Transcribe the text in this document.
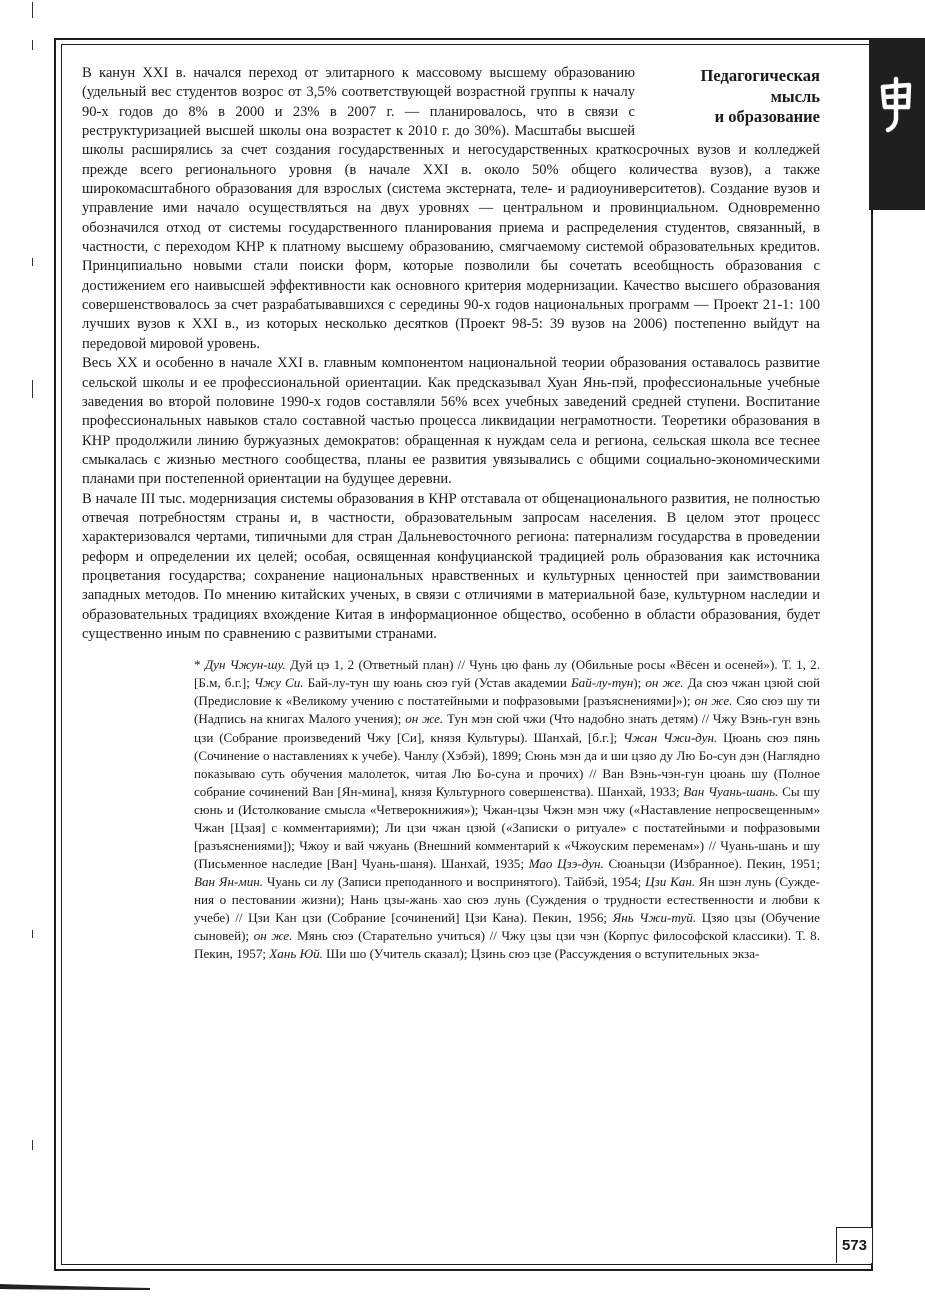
Педагогическая
мысль
и образование

В канун XXI в. начался переход от элитарного к массовому высшему образованию (удельный вес студентов возрос от 3,5% соответствующей возрастной группы к началу 90-х годов до 8% в 2000 и 23% в 2007 г. — планировалось, что в связи с реструктуризацией высшей школы она возрастет к 2010 г. до 30%). Масштабы высшей школы расширялись за счет создания государственных и негосударственных краткосрочных вузов и колледжей прежде всего регионального уровня (в начале XXI в. около 50% общего количества вузов), а также широкомасштабного образования для взрослых (система экстерната, теле- и радиоуниверситетов). Создание вузов и управление ими начало осуществляться на двух уровнях — центральном и провинциальном. Одновременно обозначился отход от системы государственного планирования приема и распределения студентов, связанный, в частности, с переходом КНР к платному высшему образованию, смягчаемому системой образовательных кредитов. Принципиально новыми стали поиски форм, которые позволили бы сочетать всеобщность образования с достижением его наивысшей эффективности как основного критерия модернизации. Качество высшего образования совершенствовалось за счет разрабатывавшихся с середины 90-х годов национальных программ — Проект 21-1: 100 лучших вузов к XXI в., из которых несколько десятков (Проект 98-5: 39 вузов на 2006) постепенно выйдут на передовой мировой уровень.

Весь XX и особенно в начале XXI в. главным компонентом национальной теории образования оставалось развитие сельской школы и ее профессиональной ориентации. Как предсказывал Хуан Янь-пэй, профессиональные учебные заведения во второй половине 1990-х годов составляли 56% всех учебных заведений средней ступени. Воспитание профессиональных навыков стало составной частью процесса ликвидации неграмотности. Теоретики образования в КНР продолжили линию буржуазных демократов: обращенная к нуждам села и региона, сельская школа все теснее смыкалась с жизнью местного сообщества, планы ее развития увязывались с общими социально-экономическими планами при постепенной ориентации на будущее деревни.

В начале III тыс. модернизация системы образования в КНР отставала от общенационального развития, не полностью отвечая потребностям страны и, в частности, образовательным запросам населения. В целом этот процесс характеризовался чертами, типичными для стран Дальневосточного региона: патернализм государства в проведении реформ и определении их целей; особая, освященная конфуцианской традицией роль образования как источника процветания государства; сохранение национальных нравственных и культурных ценностей при заимствовании западных методов. По мнению китайских ученых, в связи с отличиями в материальной базе, культурном наследии и образовательных традициях вхождение Китая в информационное общество, особенно в области образования, будет существенно иным по сравнению с развитыми странами.

* Дун Чжун-шу. Дуй цэ 1, 2 (Ответный план) // Чунь цю фань лу (Обильные росы «Вёсен и осеней»). Т. 1, 2. [Б.м, б.г.]; Чжу Си. Бай-лу-тун шу юань сюэ гуй (Устав академии Бай-лу-тун); он же. Да сюэ чжан цзюй сюй (Предисловие к «Великому учению с постатейными и пофразовыми [разъяснениями]»); он же. Сяо сюэ шу ти (Надпись на книгах Малого учения); он же. Тун мэн сюй чжи (Что надобно знать детям) // Чжу Вэнь-гун вэнь цзи (Собрание произведений Чжу [Си], князя Культуры). Шанхай, [б.г.]; Чжан Чжи-дун. Цюань сюэ пянь (Сочинение о наставлениях к учебе). Чанлу (Хэбэй), 1899; Сюнь мэн да и ши цзяо ду Лю Бо-сун дэн (Наглядно показываю суть обучения малолеток, читая Лю Бо-суна и прочих) // Ван Вэнь-чэн-гун цюань шу (Полное собрание сочинений Ван [Ян-мина], князя Культурного совершенства). Шанхай, 1933; Ван Чуань-шань. Сы шу сюнь и (Истолкование смысла «Четверокнижия»); Чжан-цзы Чжэн мэн чжу («Наставление непросвещенным» Чжан [Цзая] с комментариями); Ли цзи чжан цзюй («Записки о ритуале» с постатейными и пофразовыми [разъяснениями]); Чжоу и вай чжуань (Внешний комментарий к «Чжоуским переменам») // Чуань-шань и шу (Письменное наследие [Ван] Чуань-шаня). Шанхай, 1935; Мао Цзэ-дун. Сюаньцзи (Избранное). Пекин, 1951; Ван Ян-мин. Чуань си лу (Записи преподанного и воспринятого). Тайбэй, 1954; Цзи Кан. Ян шэн лунь (Суждения о пестовании жизни); Нань цзы-жань хао сюэ лунь (Суждения о трудности естественности и любви к учебе) // Цзи Кан цзи (Собрание [сочинений] Цзи Кана). Пекин, 1956; Янь Чжи-туй. Цзяо цзы (Обучение сыновей); он же. Мянь сюэ (Старательно учиться) // Чжу цзы цзи чэн (Корпус философской классики). Т. 8. Пекин, 1957; Хань Юй. Ши шо (Учитель сказал); Цзинь сюэ цзе (Рассуждения о вступительных экза-
573
